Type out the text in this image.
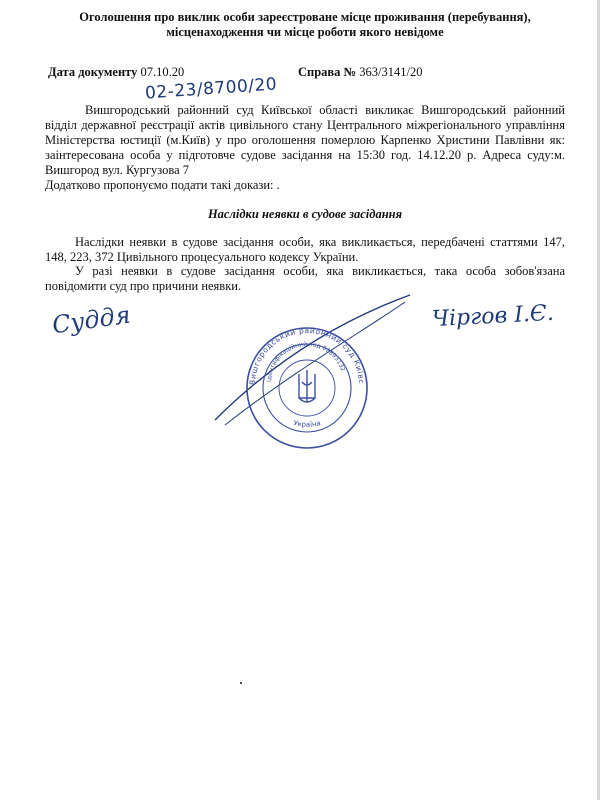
Оголошення про виклик особи зареєстроване місце проживання (перебування),
місценаходження чи місце роботи якого невідоме
Дата документу 07.10.20	Справа № 363/3141/20
02-23/8700/20
Вишгородський районний суд Київської області викликає Вишгородський районний відділ державної реєстрації актів цивільного стану Центрального міжрегіонального управління Міністерства юстиції (м.Київ) у про оголошення померлою Карпенко Христини Павлівни як: заінтересована особа у підготовче судове засідання на 15:30 год. 14.12.20 р. Адреса суду:м. Вишгород вул. Кургузова 7
Додатково пропонуємо подати такі докази: .
Наслідки неявки в судове засідання
Наслідки неявки в судове засідання особи, яка викликається, передбачені статтями 147, 148, 223, 372 Цивільного процесуального кодексу України.
У разі неявки в судове засідання особи, яка викликається, така особа зобов'язана повідомити суд про причини неявки.
Суддя	Чіргов І.Є.
Вишгородський районний суд Київс
Ідентифікаційний код 02893132
Україна
